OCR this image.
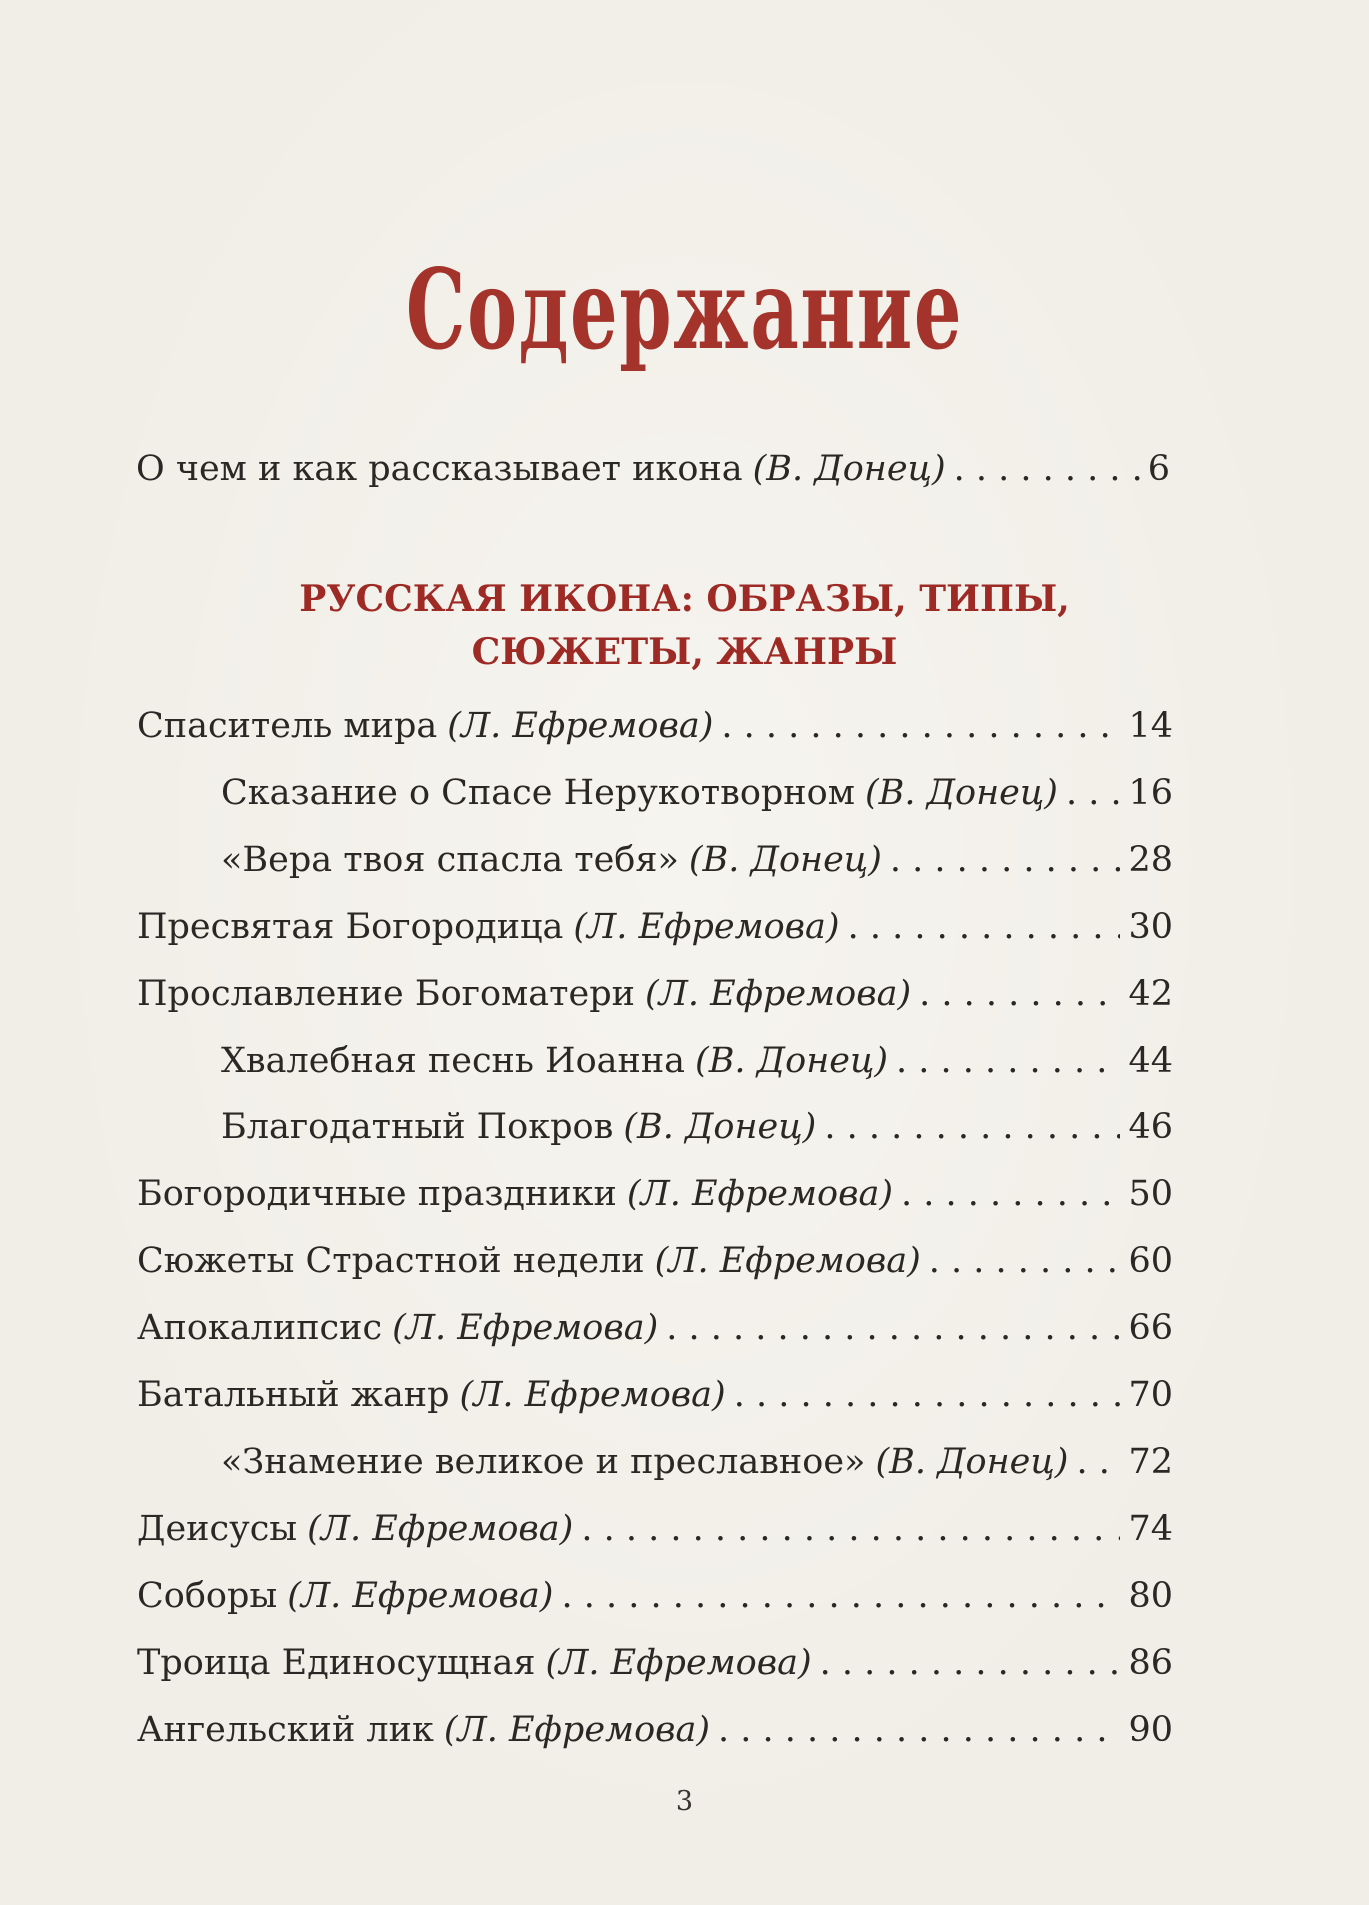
Содержание
О чем и как рассказывает икона (В. Донец) . . .	6
РУССКАЯ ИКОНА: ОБРАЗЫ, ТИПЫ,
СЮЖЕТЫ, ЖАНРЫ
Спаситель мира (Л. Ефремова) . . .	14
Сказание о Спасе Нерукотворном (В. Донец) . . . 16
«Вера твоя спасла тебя» (В. Донец) . . .	28
Пресвятая Богородица (Л. Ефремова) . . .	30
Прославление Богоматери (Л. Ефремова) . . .	42
Хвалебная песнь Иоанна (В. Донец) . . .	44
Благодатный Покров (В. Донец) . . .	46
Богородичные праздники (Л. Ефремова) . . .	50
Сюжеты Страстной недели (Л. Ефремова) . . .	60
Апокалипсис (Л. Ефремова) . . .	66
Батальный жанр (Л. Ефремова) . . .	70
«Знамение великое и преславное» (В. Донец) . . . 72
Деисусы (Л. Ефремова) . . .	74
Соборы (Л. Ефремова) . . .	80
Троица Единосущная (Л. Ефремова) . . .	86
Ангельский лик (Л. Ефремова) . . .	90
3
